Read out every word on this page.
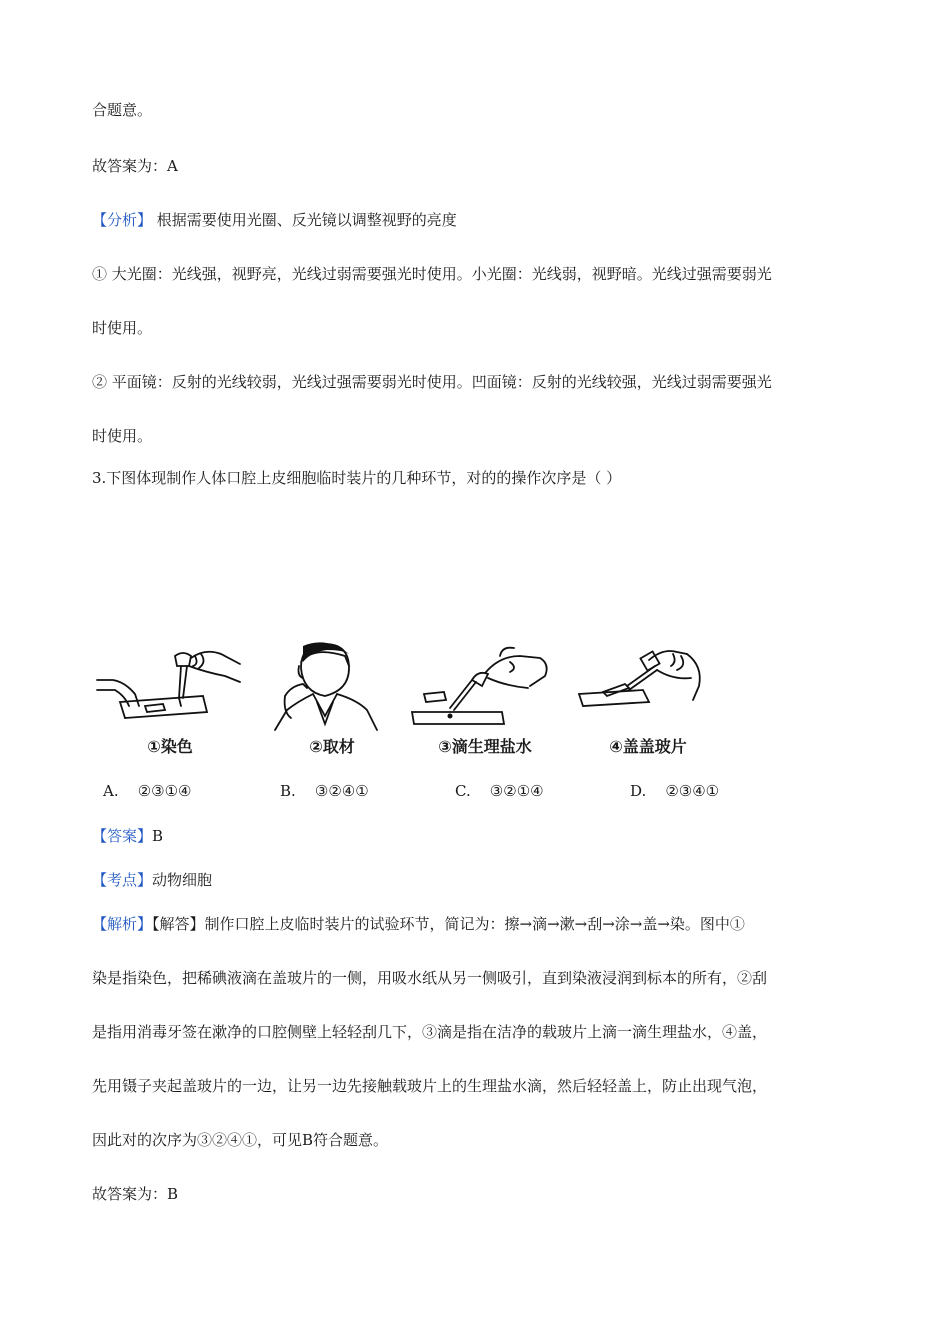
合题意。
故答案为：A
【分析】 根据需要使用光圈、反光镜以调整视野的亮度
① 大光圈：光线强，视野亮，光线过弱需要强光时使用。小光圈：光线弱，视野暗。光线过强需要弱光
时使用。
② 平面镜：反射的光线较弱，光线过强需要弱光时使用。凹面镜：反射的光线较强，光线过弱需要强光
时使用。
3.下图体现制作人体口腔上皮细胞临时装片的几种环节，对的的操作次序是（ ）
①染色	②取材	③滴生理盐水	④盖盖玻片
A. ②③①④	B. ③②④①	C. ③②①④	D. ②③④①
【答案】B
【考点】动物细胞
【解析】【解答】制作口腔上皮临时装片的试验环节，简记为：擦→滴→漱→刮→涂→盖→染。图中①
染是指染色，把稀碘液滴在盖玻片的一侧，用吸水纸从另一侧吸引，直到染液浸润到标本的所有，②刮
是指用消毒牙签在漱净的口腔侧壁上轻轻刮几下，③滴是指在洁净的载玻片上滴一滴生理盐水，④盖，
先用镊子夹起盖玻片的一边，让另一边先接触载玻片上的生理盐水滴，然后轻轻盖上，防止出现气泡，
因此对的次序为③②④①，可见B符合题意。
故答案为：B
